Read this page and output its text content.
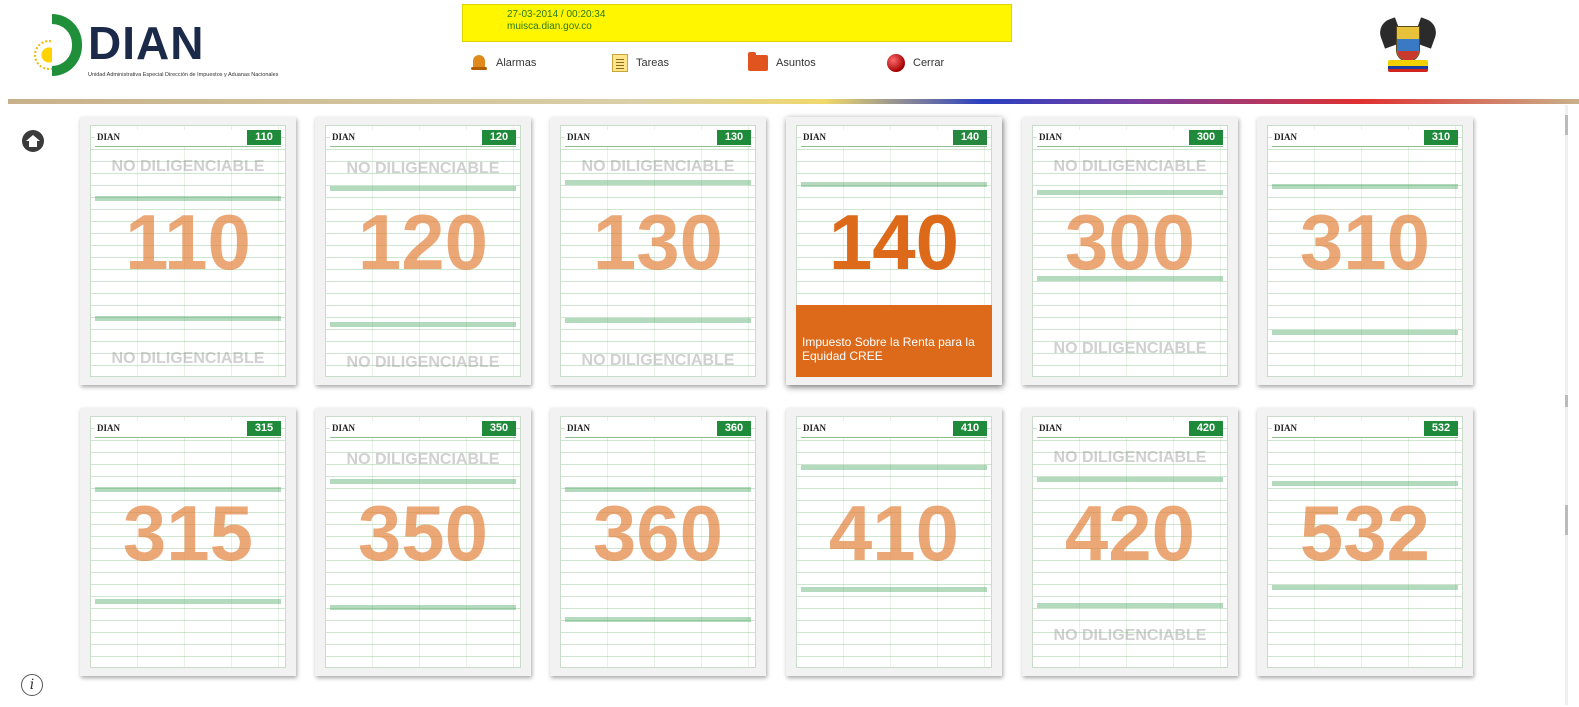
DIAN
Unidad Administrativa Especial Dirección de Impuestos y Aduanas Nacionales
27-03-2014 / 00:20:34
muisca.dian.gov.co
Alarmas	Tareas	Asuntos	Cerrar
i
DIAN	110
NO DILIGENCIABLE
NO DILIGENCIABLE
110
DIAN	120
NO DILIGENCIABLE
NO DILIGENCIABLE
120
DIAN	130
NO DILIGENCIABLE
NO DILIGENCIABLE
130
DIAN	140
140
Impuesto Sobre la Renta para la Equidad CREE
DIAN	300
NO DILIGENCIABLE
NO DILIGENCIABLE
300
DIAN	310
310
DIAN	315
315
DIAN	350
NO DILIGENCIABLE
350
DIAN	360
360
DIAN	410
410
DIAN	420
NO DILIGENCIABLE
NO DILIGENCIABLE
420
DIAN	532
532
